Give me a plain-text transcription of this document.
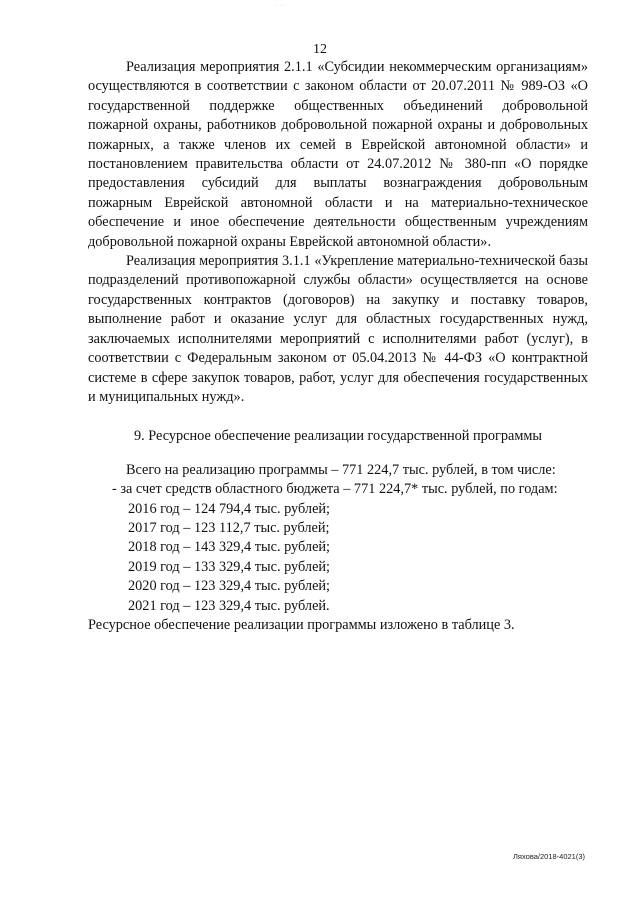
· ·· ·
12

Реализация мероприятия 2.1.1 «Субсидии некоммерческим организациям» осуществляются в соответствии с законом области от 20.07.2011 № 989-ОЗ «О государственной поддержке общественных объединений добровольной пожарной охраны, работников добровольной пожарной охраны и добровольных пожарных, а также членов их семей в Еврейской автономной области» и постановлением правительства области от 24.07.2012 № 380-пп «О порядке предоставления субсидий для выплаты вознаграждения добровольным пожарным Еврейской автономной области и на материально-техническое обеспечение и иное обеспечение деятельности общественным учреждениям добровольной пожарной охраны Еврейской автономной области».

Реализация мероприятия 3.1.1 «Укрепление материально-технической базы подразделений противопожарной службы области» осуществляется на основе государственных контрактов (договоров) на закупку и поставку товаров, выполнение работ и оказание услуг для областных государственных нужд, заключаемых исполнителями мероприятий с исполнителями работ (услуг), в соответствии с Федеральным законом от 05.04.2013 № 44-ФЗ «О контрактной системе в сфере закупок товаров, работ, услуг для обеспечения государственных и муниципальных нужд».

9. Ресурсное обеспечение реализации государственной программы

Всего на реализацию программы – 771 224,7 тыс. рублей, в том числе:

- за счет средств областного бюджета – 771 224,7* тыс. рублей, по годам:

2016 год – 124 794,4 тыс. рублей;

2017 год – 123 112,7 тыс. рублей;

2018 год – 143 329,4 тыс. рублей;

2019 год – 133 329,4 тыс. рублей;

2020 год – 123 329,4 тыс. рублей;

2021 год – 123 329,4 тыс. рублей.

Ресурсное обеспечение реализации программы изложено в таблице 3.

Ляхова/2018-4021(3)
